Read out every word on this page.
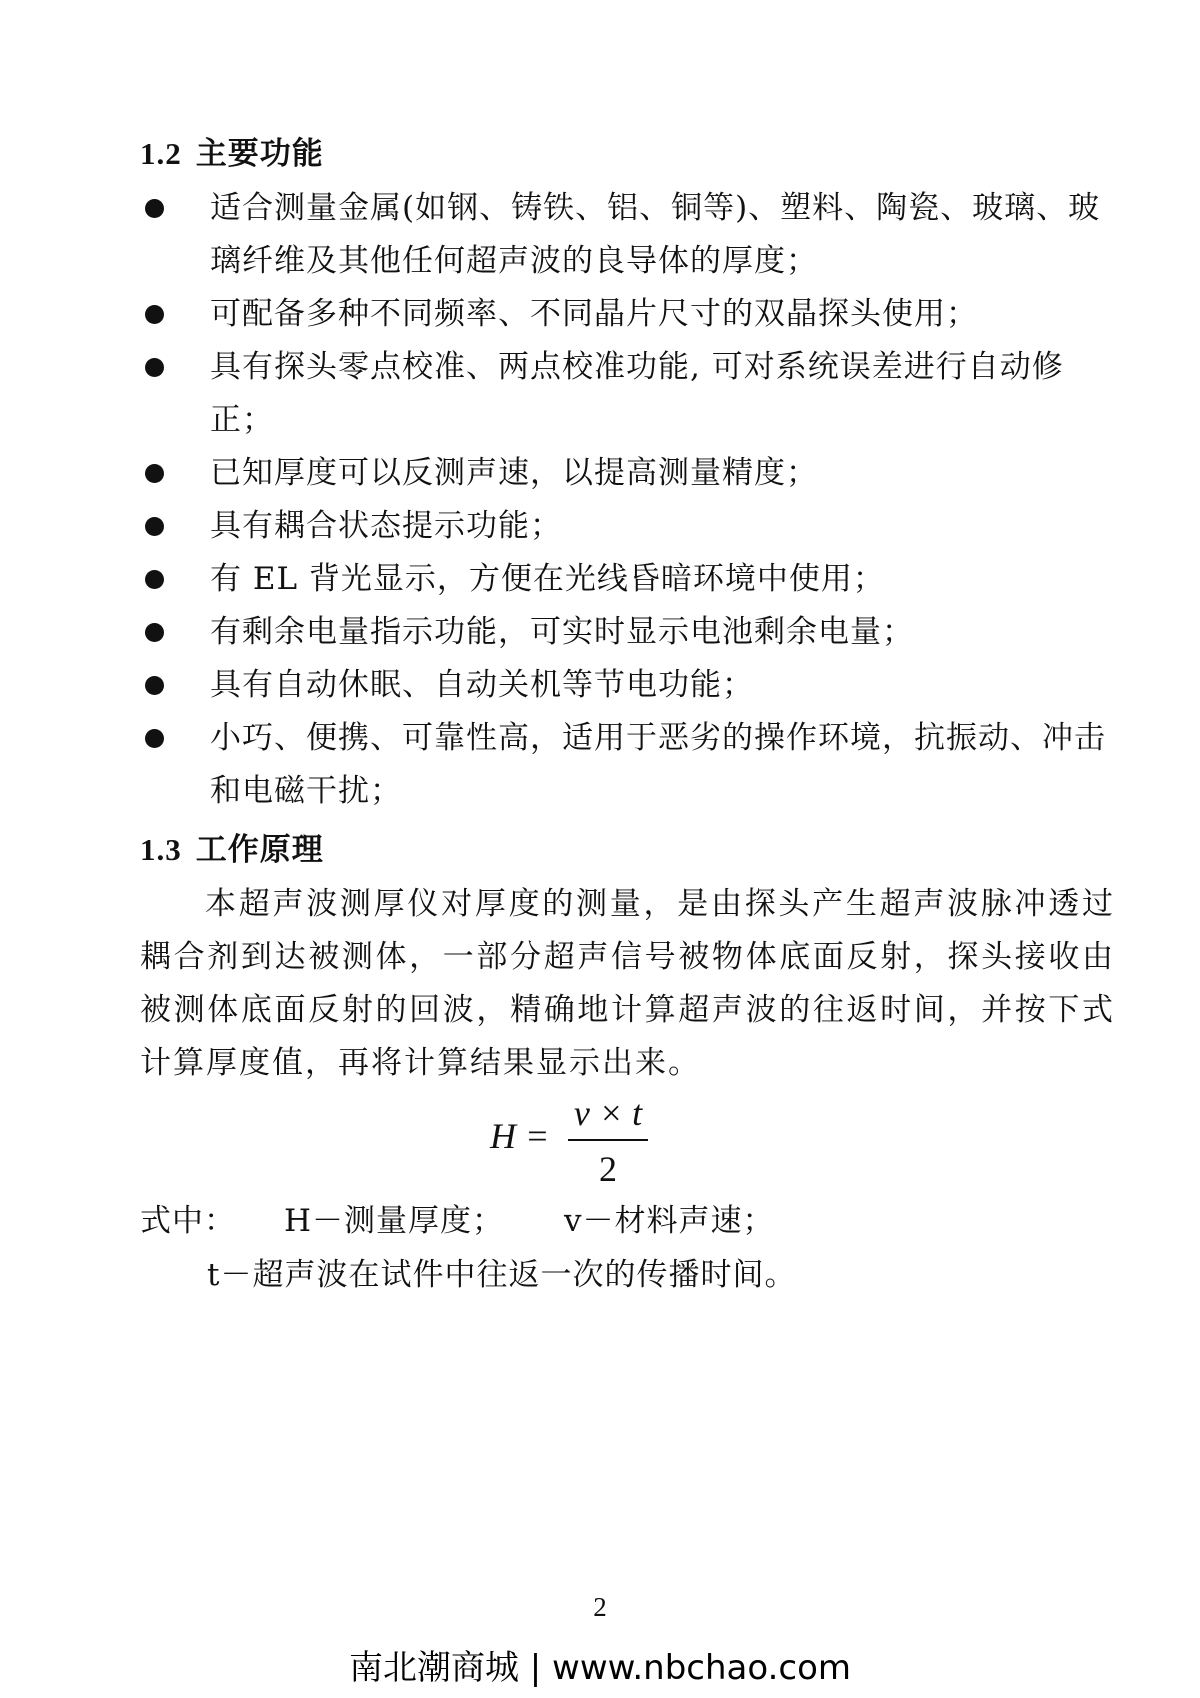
1.2 主要功能
适合测量金属(如钢、铸铁、铝、铜等)、塑料、陶瓷、玻璃、玻璃纤维及其他任何超声波的良导体的厚度；
可配备多种不同频率、不同晶片尺寸的双晶探头使用；
具有探头零点校准、两点校准功能, 可对系统误差进行自动修正；
已知厚度可以反测声速，以提高测量精度；
具有耦合状态提示功能；
有 EL 背光显示，方便在光线昏暗环境中使用；
有剩余电量指示功能，可实时显示电池剩余电量；
具有自动休眠、自动关机等节电功能；
小巧、便携、可靠性高，适用于恶劣的操作环境，抗振动、冲击和电磁干扰；
1.3 工作原理
本超声波测厚仪对厚度的测量，是由探头产生超声波脉冲透过耦合剂到达被测体，一部分超声信号被物体底面反射，探头接收由被测体底面反射的回波，精确地计算超声波的往返时间，并按下式计算厚度值，再将计算结果显示出来。
H =
v × t
2
式中： H－测量厚度； v－材料声速；
t－超声波在试件中往返一次的传播时间。
2
南北潮商城 | www.nbchao.com
